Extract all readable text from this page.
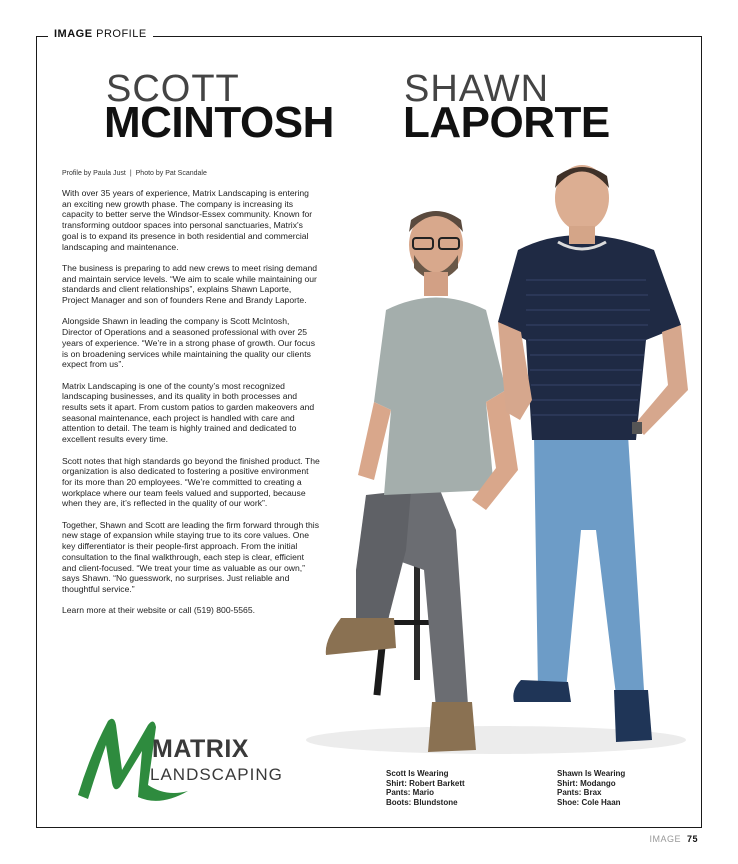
IMAGE PROFILE
SCOTT
MCINTOSH
SHAWN
LAPORTE
Profile by Paula Just | Photo by Pat Scandale

With over 35 years of experience, Matrix Landscaping is entering an exciting new growth phase. The company is increasing its capacity to better serve the Windsor-Essex community. Known for transforming outdoor spaces into personal sanctuaries, Matrix's goal is to expand its presence in both residential and commercial landscaping and maintenance.

The business is preparing to add new crews to meet rising demand and maintain service levels. “We aim to scale while maintaining our standards and client relationships”, explains Shawn Laporte, Project Manager and son of founders Rene and Brandy Laporte.

Alongside Shawn in leading the company is Scott McIntosh, Director of Operations and a seasoned professional with over 25 years of experience. “We’re in a strong phase of growth. Our focus is on broadening services while maintaining the quality our clients expect from us”.

Matrix Landscaping is one of the county’s most recognized landscaping businesses, and its quality in both processes and results sets it apart. From custom patios to garden makeovers and seasonal maintenance, each project is handled with care and attention to detail. The team is highly trained and dedicated to excellent results every time.

Scott notes that high standards go beyond the finished product. The organization is also dedicated to fostering a positive environment for its more than 20 employees. “We’re committed to creating a workplace where our team feels valued and supported, because when they are, it’s reflected in the quality of our work”.

Together, Shawn and Scott are leading the firm forward through this new stage of expansion while staying true to its core values. One key differentiator is their people-first approach. From the initial consultation to the final walkthrough, each step is clear, efficient and client-focused. “We treat your time as valuable as our own,” says Shawn. “No guesswork, no surprises. Just reliable and thoughtful service.”

Learn more at their website or call (519) 800-5565.

MATRIX
LANDSCAPING	Scott Is Wearing
Shirt: Robert Barkett
Pants: Mario
Boots: Blundstone
Shawn Is Wearing
Shirt: Modango
Pants: Brax
Shoe: Cole Haan
IMAGE 75
